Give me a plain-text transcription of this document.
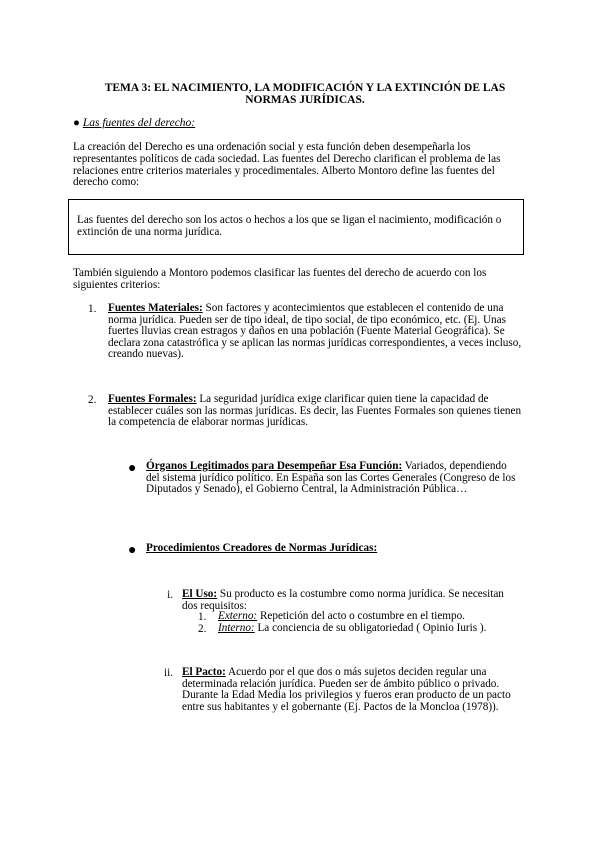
TEMA 3: EL NACIMIENTO, LA MODIFICACIÓN Y LA EXTINCIÓN DE LAS NORMAS JURÍDICAS.
● Las fuentes del derecho:
La creación del Derecho es una ordenación social y esta función deben desempeñarla los representantes políticos de cada sociedad. Las fuentes del Derecho clarifican el problema de las relaciones entre criterios materiales y procedimentales. Alberto Montoro define las fuentes del derecho como:
Las fuentes del derecho son los actos o hechos a los que se ligan el nacimiento, modificación o extinción de una norma jurídica.
También siguiendo a Montoro podemos clasificar las fuentes del derecho de acuerdo con los siguientes criterios:
1. Fuentes Materiales: Son factores y acontecimientos que establecen el contenido de una norma jurídica. Pueden ser de tipo ideal, de tipo social, de tipo económico, etc. (Ej. Unas fuertes lluvias crean estragos y daños en una población (Fuente Material Geográfica). Se declara zona catastrófica y se aplican las normas jurídicas correspondientes, a veces incluso, creando nuevas).
2. Fuentes Formales: La seguridad jurídica exige clarificar quien tiene la capacidad de establecer cuáles son las normas jurídicas. Es decir, las Fuentes Formales son quienes tienen la competencia de elaborar normas jurídicas.
● Órganos Legitimados para Desempeñar Esa Función: Variados, dependiendo del sistema jurídico político. En España son las Cortes Generales (Congreso de los Diputados y Senado), el Gobierno Central, la Administración Pública…
● Procedimientos Creadores de Normas Jurídicas:
i. El Uso: Su producto es la costumbre como norma jurídica. Se necesitan dos requisitos:
1. Externo: Repetición del acto o costumbre en el tiempo.
2. Interno: La conciencia de su obligatoriedad ( Opinio Iuris ).
ii. El Pacto: Acuerdo por el que dos o más sujetos deciden regular una determinada relación jurídica. Pueden ser de ámbito público o privado. Durante la Edad Media los privilegios y fueros eran producto de un pacto entre sus habitantes y el gobernante (Ej. Pactos de la Moncloa (1978)).
